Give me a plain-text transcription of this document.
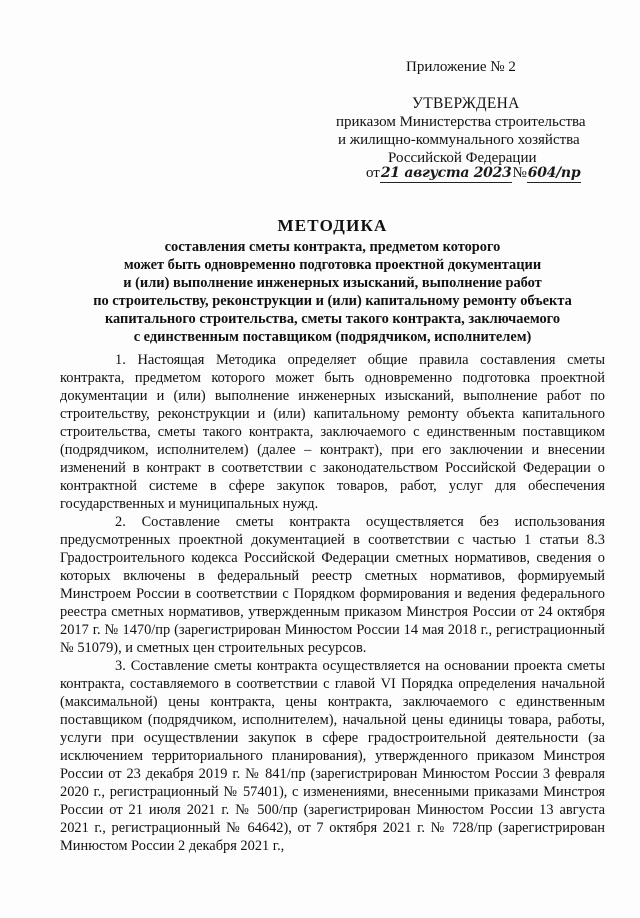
Приложение № 2
УТВЕРЖДЕНА
приказом Министерства строительства
и жилищно-коммунального хозяйства
Российской Федерации
от21 августа 2023№604/пр
МЕТОДИКА
составления сметы контракта, предметом которого
может быть одновременно подготовка проектной документации
и (или) выполнение инженерных изысканий, выполнение работ
по строительству, реконструкции и (или) капитальному ремонту объекта
капитального строительства, сметы такого контракта, заключаемого
с единственным поставщиком (подрядчиком, исполнителем)

1. Настоящая Методика определяет общие правила составления сметы контракта, предметом которого может быть одновременно подготовка проектной документации и (или) выполнение инженерных изысканий, выполнение работ по строительству, реконструкции и (или) капитальному ремонту объекта капитального строительства, сметы такого контракта, заключаемого с единственным поставщиком (подрядчиком, исполнителем) (далее – контракт), при его заключении и внесении изменений в контракт в соответствии с законодательством Российской Федерации о контрактной системе в сфере закупок товаров, работ, услуг для обеспечения государственных и муниципальных нужд.

2. Составление сметы контракта осуществляется без использования предусмотренных проектной документацией в соответствии с частью 1 статьи 8.3 Градостроительного кодекса Российской Федерации сметных нормативов, сведения о которых включены в федеральный реестр сметных нормативов, формируемый Минстроем России в соответствии с Порядком формирования и ведения федерального реестра сметных нормативов, утвержденным приказом Минстроя России от 24 октября 2017 г. № 1470/пр (зарегистрирован Минюстом России 14 мая 2018 г., регистрационный № 51079), и сметных цен строительных ресурсов.

3. Составление сметы контракта осуществляется на основании проекта сметы контракта, составляемого в соответствии с главой VI Порядка определения начальной (максимальной) цены контракта, цены контракта, заключаемого с единственным поставщиком (подрядчиком, исполнителем), начальной цены единицы товара, работы, услуги при осуществлении закупок в сфере градостроительной деятельности (за исключением территориального планирования), утвержденного приказом Минстроя России от 23 декабря 2019 г. № 841/пр (зарегистрирован Минюстом России 3 февраля 2020 г., регистрационный № 57401), с изменениями, внесенными приказами Минстроя России от 21 июля 2021 г. № 500/пр (зарегистрирован Минюстом России 13 августа 2021 г., регистрационный № 64642), от 7 октября 2021 г. № 728/пр (зарегистрирован Минюстом России 2 декабря 2021 г.,
